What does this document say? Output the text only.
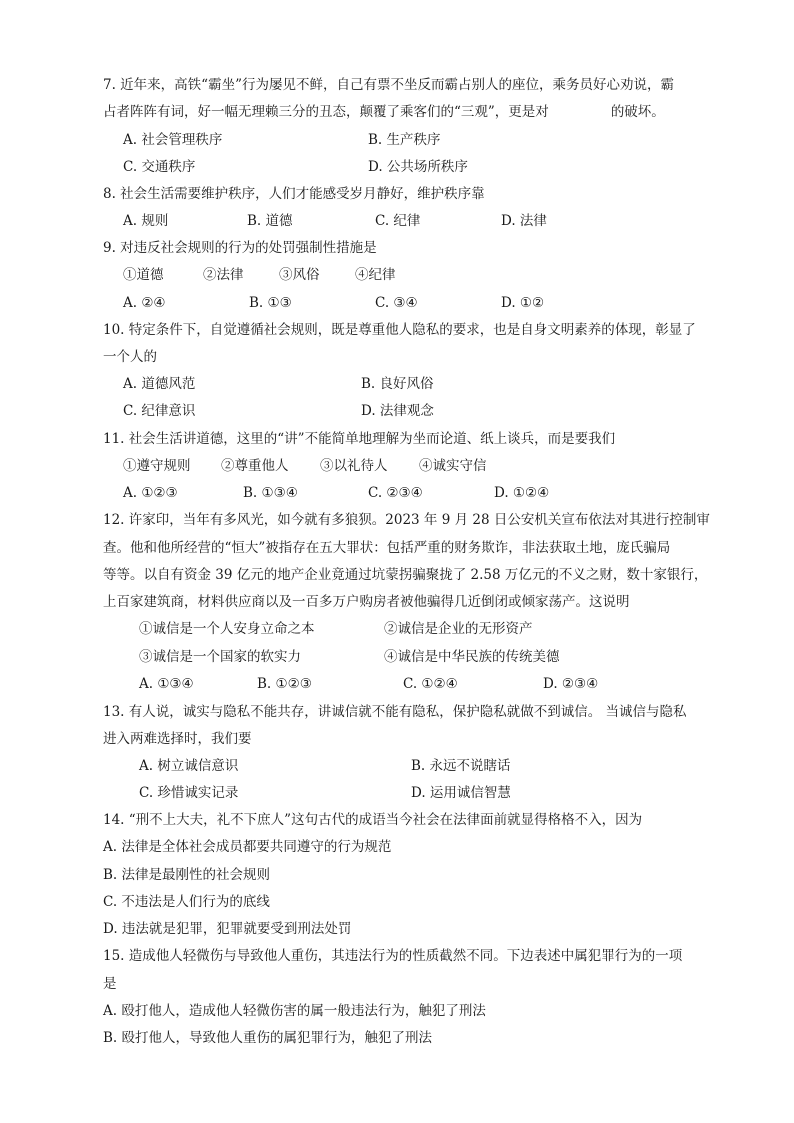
7. 近年来，高铁“霸坐”行为屡见不鲜，自己有票不坐反而霸占别人的座位，乘务员好心劝说，霸
占者阵阵有词，好一幅无理赖三分的丑态，颠覆了乘客们的“三观”，更是对	的破坏。
A. 社会管理秩序	B. 生产秩序
C. 交通秩序	D. 公共场所秩序
8. 社会生活需要维护秩序，人们才能感受岁月静好，维护秩序靠
A. 规则	B. 道德	C. 纪律	D. 法律
9. 对违反社会规则的行为的处罚强制性措施是
①道德	②法律	③风俗	④纪律
A. ②④	B. ①③	C. ③④	D. ①②
10. 特定条件下，自觉遵循社会规则，既是尊重他人隐私的要求，也是自身文明素养的体现，彰显了
一个人的
A. 道德风范	B. 良好风俗
C. 纪律意识	D. 法律观念
11. 社会生活讲道德，这里的“讲”不能简单地理解为坐而论道、纸上谈兵，而是要我们
①遵守规则 ②尊重他人 ③以礼待人 ④诚实守信
A. ①②③	B. ①③④	C. ②③④	D. ①②④
12. 许家印，当年有多风光，如今就有多狼狈。2023 年 9 月 28 日公安机关宣布依法对其进行控制审
查。他和他所经营的“恒大”被指存在五大罪状：包括严重的财务欺诈，非法获取土地，庞氏骗局
等等。以自有资金 39 亿元的地产企业竟通过坑蒙拐骗聚拢了 2.58 万亿元的不义之财，数十家银行，
上百家建筑商，材料供应商以及一百多万户购房者被他骗得几近倒闭或倾家荡产。这说明
①诚信是一个人安身立命之本	②诚信是企业的无形资产
③诚信是一个国家的软实力	④诚信是中华民族的传统美德
A. ①③④	B. ①②③	C. ①②④	D. ②③④
13. 有人说，诚实与隐私不能共存，讲诚信就不能有隐私，保护隐私就做不到诚信。 当诚信与隐私
进入两难选择时，我们要
A. 树立诚信意识	B. 永远不说瞎话
C. 珍惜诚实记录	D. 运用诚信智慧
14. “刑不上大夫，礼不下庶人”这句古代的成语当今社会在法律面前就显得格格不入，因为
A. 法律是全体社会成员都要共同遵守的行为规范
B. 法律是最刚性的社会规则
C. 不违法是人们行为的底线
D. 违法就是犯罪，犯罪就要受到刑法处罚
15. 造成他人轻微伤与导致他人重伤，其违法行为的性质截然不同。下边表述中属犯罪行为的一项
是
A. 殴打他人，造成他人轻微伤害的属一般违法行为，触犯了刑法
B. 殴打他人，导致他人重伤的属犯罪行为，触犯了刑法
